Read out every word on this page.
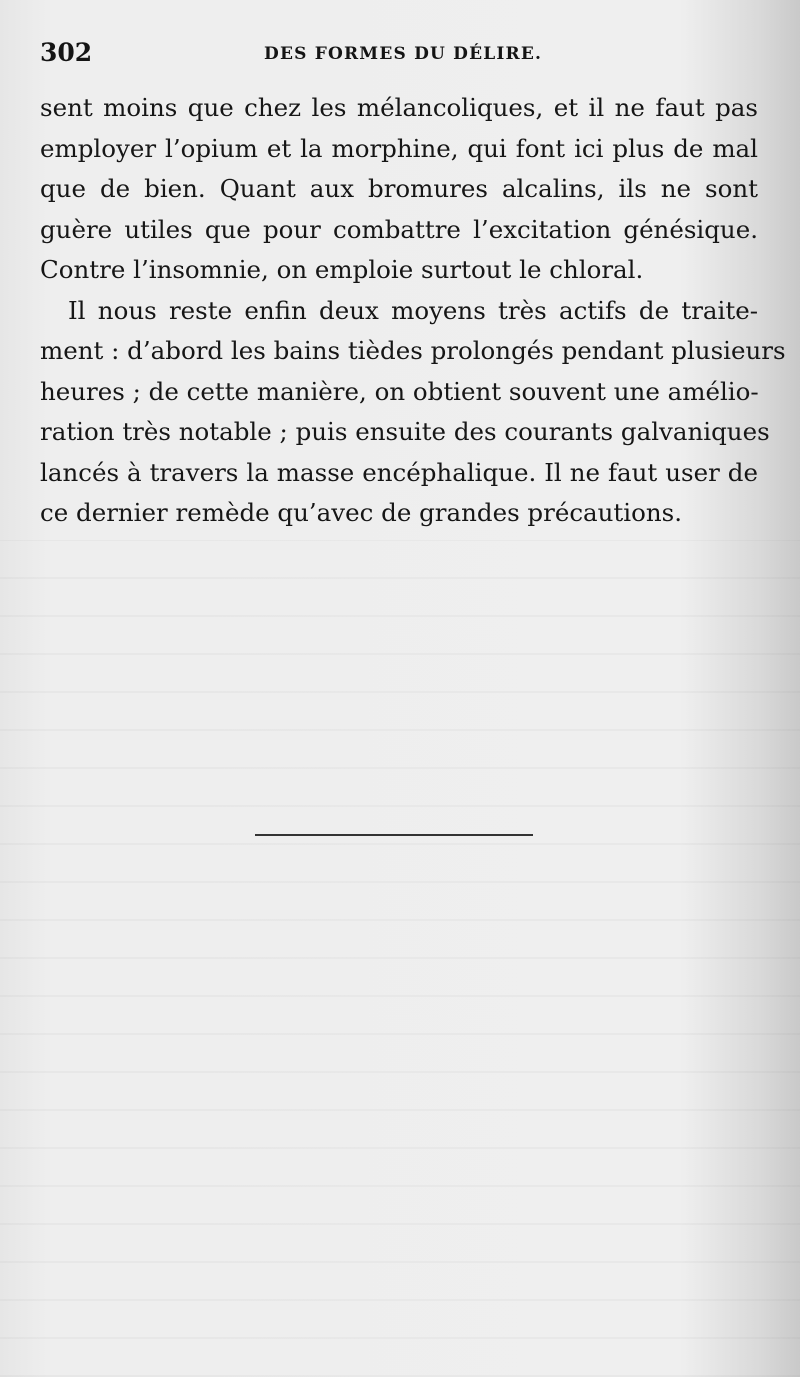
302	DES FORMES DU DÉLIRE.
sent moins que chez les mélancoliques, et il ne faut pas
employer l’opium et la morphine, qui font ici plus de mal
que de bien. Quant aux bromures alcalins, ils ne sont
guère utiles que pour combattre l’excitation génésique.
Contre l’insomnie, on emploie surtout le chloral.
Il nous reste enfin deux moyens très actifs de traite-
ment : d’abord les bains tièdes prolongés pendant plusieurs
heures ; de cette manière, on obtient souvent une amélio-
ration très notable ; puis ensuite des courants galvaniques
lancés à travers la masse encéphalique. Il ne faut user de
ce dernier remède qu’avec de grandes précautions.
